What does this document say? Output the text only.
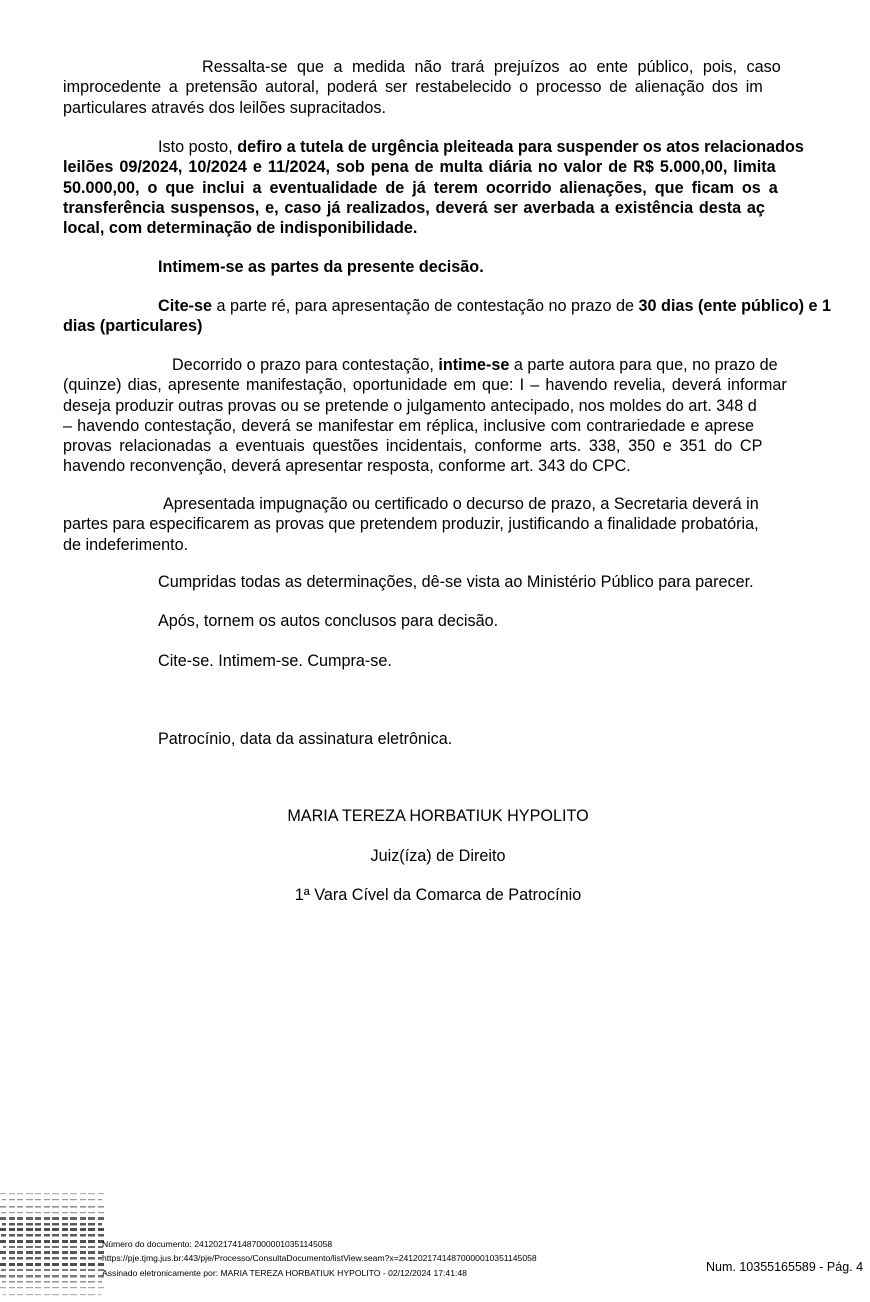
Ressalta-se que a medida não trará prejuízos ao ente público, pois, caso
improcedente a pretensão autoral, poderá ser restabelecido o processo de alienação dos im
particulares através dos leilões supracitados.
Isto posto, defiro a tutela de urgência pleiteada para suspender os atos relacionados
leilões 09/2024, 10/2024 e 11/2024, sob pena de multa diária no valor de R$ 5.000,00, limita
50.000,00, o que inclui a eventualidade de já terem ocorrido alienações, que ficam os a
transferência suspensos, e, caso já realizados, deverá ser averbada a existência desta aç
local, com determinação de indisponibilidade.
Intimem-se as partes da presente decisão.
Cite-se a parte ré, para apresentação de contestação no prazo de 30 dias (ente público) e 1
dias (particulares)
Decorrido o prazo para contestação, intime-se a parte autora para que, no prazo de
(quinze) dias, apresente manifestação, oportunidade em que: I – havendo revelia, deverá informar
deseja produzir outras provas ou se pretende o julgamento antecipado, nos moldes do art. 348 d
– havendo contestação, deverá se manifestar em réplica, inclusive com contrariedade e aprese
provas relacionadas a eventuais questões incidentais, conforme arts. 338, 350 e 351 do CP
havendo reconvenção, deverá apresentar resposta, conforme art. 343 do CPC.
Apresentada impugnação ou certificado o decurso de prazo, a Secretaria deverá in
partes para especificarem as provas que pretendem produzir, justificando a finalidade probatória,
de indeferimento.
Cumpridas todas as determinações, dê-se vista ao Ministério Público para parecer.
Após, tornem os autos conclusos para decisão.
Cite-se. Intimem-se. Cumpra-se.
Patrocínio, data da assinatura eletrônica.
MARIA TEREZA HORBATIUK HYPOLITO
Juiz(íza) de Direito
1ª Vara Cível da Comarca de Patrocínio
Número do documento: 24120217414870000010351145058
https://pje.tjmg.jus.br:443/pje/Processo/ConsultaDocumento/listView.seam?x=24120217414870000010351145058
Assinado eletronicamente por: MARIA TEREZA HORBATIUK HYPOLITO - 02/12/2024 17:41:48	Num. 10355165589 - Pág. 4
